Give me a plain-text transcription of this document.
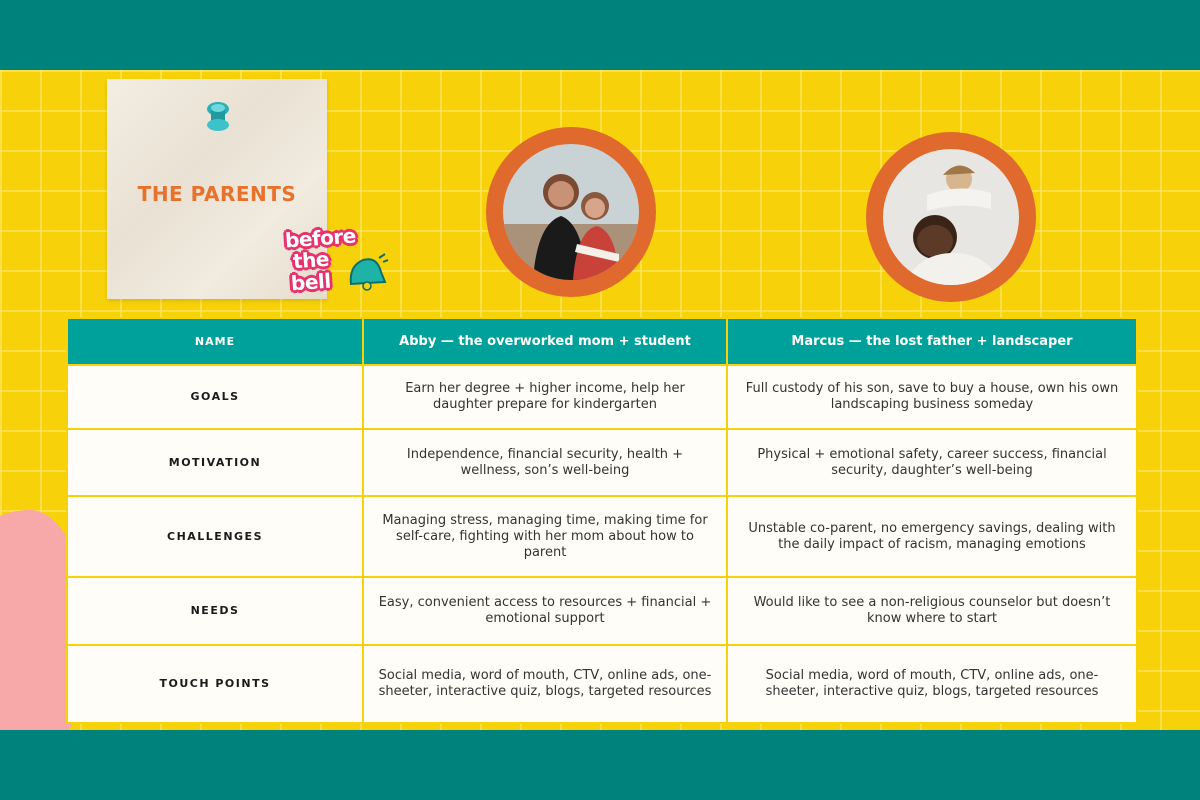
THE PARENTS
before
the
bell
NAME	Abby — the overworked mom + student	Marcus — the lost father + landscaper
GOALS	Earn her degree + higher income, help her daughter prepare for kindergarten	Full custody of his son, save to buy a house, own his own landscaping business someday
MOTIVATION	Independence, financial security, health + wellness, son’s well-being	Physical + emotional safety, career success, financial security, daughter’s well-being
CHALLENGES	Managing stress, managing time, making time for self-care, fighting with her mom about how to parent	Unstable co-parent, no emergency savings, dealing with the daily impact of racism, managing emotions
NEEDS	Easy, convenient access to resources + financial + emotional support	Would like to see a non-religious counselor but doesn’t know where to start
TOUCH POINTS	Social media, word of mouth, CTV, online ads, one-sheeter, interactive quiz, blogs, targeted resources	Social media, word of mouth, CTV, online ads, one-sheeter, interactive quiz, blogs, targeted resources
